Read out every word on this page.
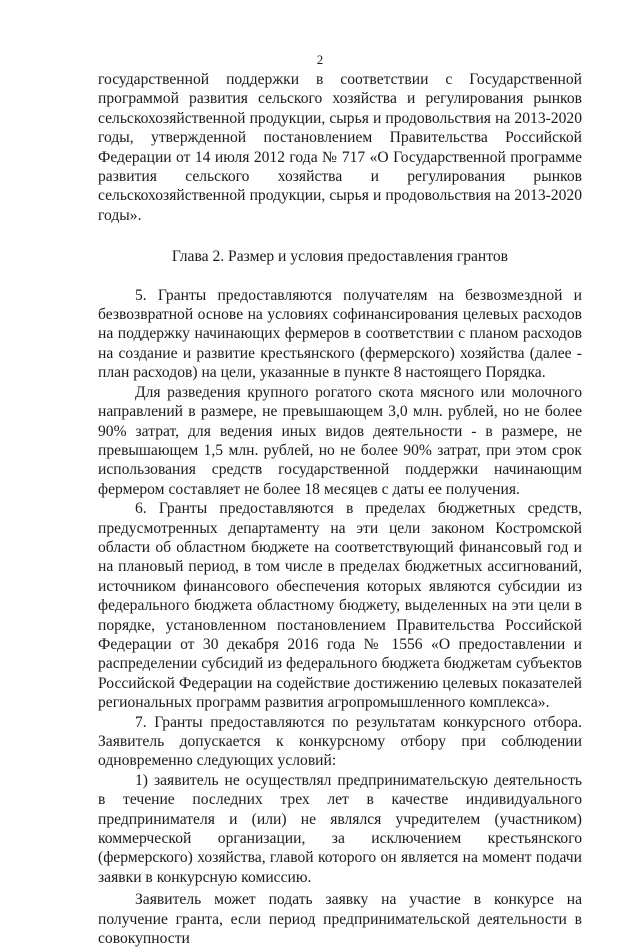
2

государственной поддержки в соответствии с Государственной программой развития сельского хозяйства и регулирования рынков сельскохозяйственной продукции, сырья и продовольствия на 2013-2020 годы, утвержденной постановлением Правительства Российской Федерации от 14 июля 2012 года № 717 «О Государственной программе развития сельского хозяйства и регулирования рынков сельскохозяйственной продукции, сырья и продовольствия на 2013-2020 годы».

Глава 2. Размер и условия предоставления грантов

5. Гранты предоставляются получателям на безвозмездной и безвозвратной основе на условиях софинансирования целевых расходов на поддержку начинающих фермеров в соответствии с планом расходов на создание и развитие крестьянского (фермерского) хозяйства (далее - план расходов) на цели, указанные в пункте 8 настоящего Порядка.

Для разведения крупного рогатого скота мясного или молочного направлений в размере, не превышающем 3,0 млн. рублей, но не более 90% затрат, для ведения иных видов деятельности - в размере, не превышающем 1,5 млн. рублей, но не более 90% затрат, при этом срок использования средств государственной поддержки начинающим фермером составляет не более 18 месяцев с даты ее получения.

6. Гранты предоставляются в пределах бюджетных средств, предусмотренных департаменту на эти цели законом Костромской области об областном бюджете на соответствующий финансовый год и на плановый период, в том числе в пределах бюджетных ассигнований, источником финансового обеспечения которых являются субсидии из федерального бюджета областному бюджету, выделенных на эти цели в порядке, установленном постановлением Правительства Российской Федерации от 30 декабря 2016 года № 1556 «О предоставлении и распределении субсидий из федерального бюджета бюджетам субъектов Российской Федерации на содействие достижению целевых показателей региональных программ развития агропромышленного комплекса».

7. Гранты предоставляются по результатам конкурсного отбора. Заявитель допускается к конкурсному отбору при соблюдении одновременно следующих условий:

1) заявитель не осуществлял предпринимательскую деятельность в течение последних трех лет в качестве индивидуального предпринимателя и (или) не являлся учредителем (участником) коммерческой организации, за исключением крестьянского (фермерского) хозяйства, главой которого он является на момент подачи заявки в конкурсную комиссию.

Заявитель может подать заявку на участие в конкурсе на получение гранта, если период предпринимательской деятельности в совокупности
